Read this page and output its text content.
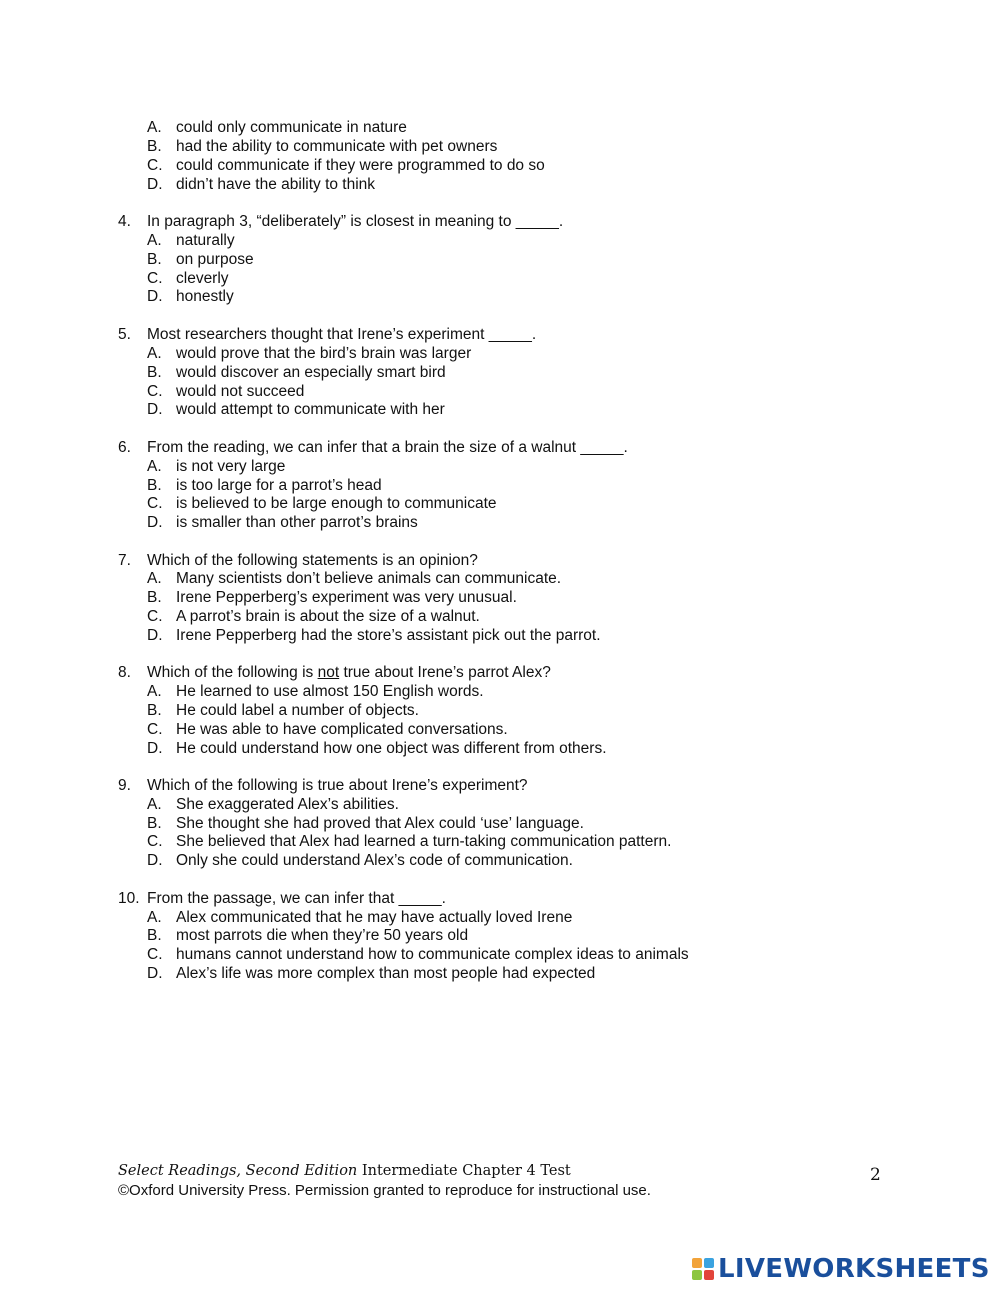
A. could only communicate in nature
B. had the ability to communicate with pet owners
C. could communicate if they were programmed to do so
D. didn’t have the ability to think
4. In paragraph 3, “deliberately” is closest in meaning to _____.
A. naturally
B. on purpose
C. cleverly
D. honestly
5. Most researchers thought that Irene’s experiment _____.
A. would prove that the bird’s brain was larger
B. would discover an especially smart bird
C. would not succeed
D. would attempt to communicate with her
6. From the reading, we can infer that a brain the size of a walnut _____.
A. is not very large
B. is too large for a parrot’s head
C. is believed to be large enough to communicate
D. is smaller than other parrot’s brains
7. Which of the following statements is an opinion?
A. Many scientists don’t believe animals can communicate.
B. Irene Pepperberg’s experiment was very unusual.
C. A parrot’s brain is about the size of a walnut.
D. Irene Pepperberg had the store’s assistant pick out the parrot.
8. Which of the following is not true about Irene’s parrot Alex?
A. He learned to use almost 150 English words.
B. He could label a number of objects.
C. He was able to have complicated conversations.
D. He could understand how one object was different from others.
9. Which of the following is true about Irene’s experiment?
A. She exaggerated Alex’s abilities.
B. She thought she had proved that Alex could ‘use’ language.
C. She believed that Alex had learned a turn-taking communication pattern.
D. Only she could understand Alex’s code of communication.
10. From the passage, we can infer that _____.
A. Alex communicated that he may have actually loved Irene
B. most parrots die when they’re 50 years old
C. humans cannot understand how to communicate complex ideas to animals
D. Alex’s life was more complex than most people had expected
Select Readings, Second Edition Intermediate Chapter 4 Test
©Oxford University Press. Permission granted to reproduce for instructional use.
2
LIVEWORKSHEETS
